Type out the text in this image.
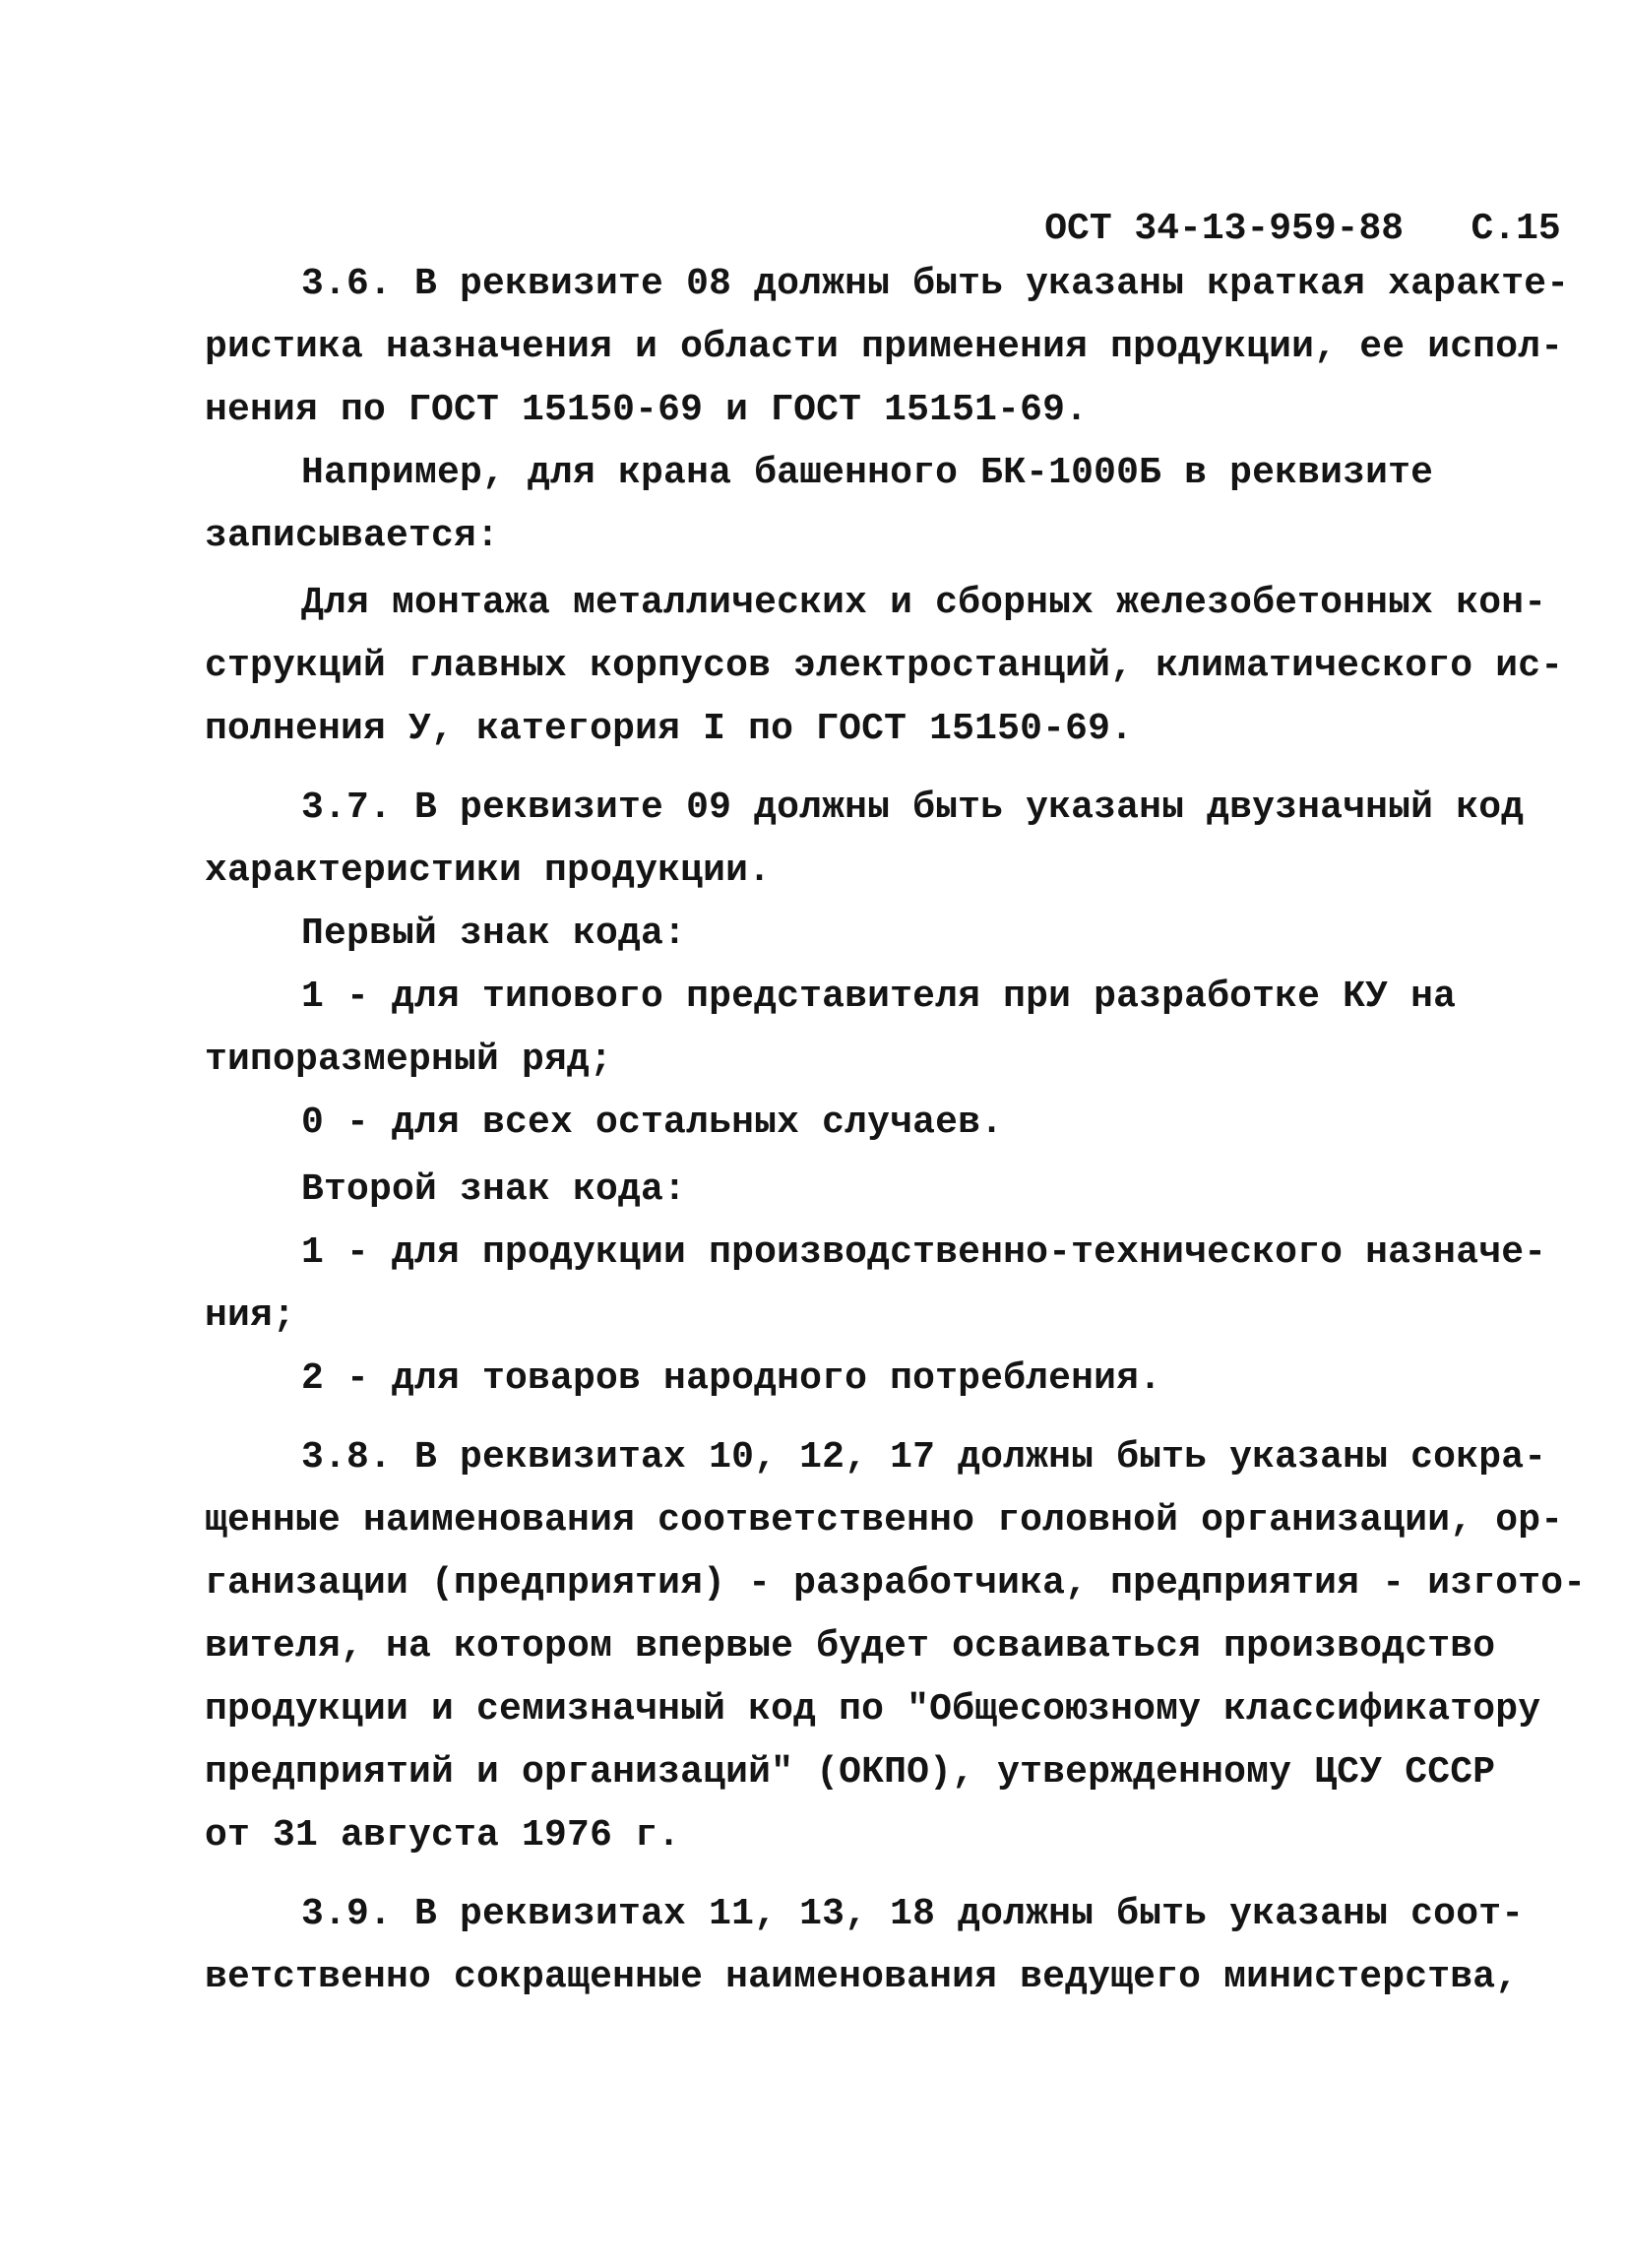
ОСТ 34-13-959-88 С.15

3.6. В реквизите 08 должны быть указаны краткая характе-

ристика назначения и области применения продукции, ее испол-

нения по ГОСТ 15150-69 и ГОСТ 15151-69.

Например, для крана башенного БК-1000Б в реквизите

записывается:

Для монтажа металлических и сборных железобетонных кон-

струкций главных корпусов электростанций, климатического ис-

полнения У, категория I по ГОСТ 15150-69.

3.7. В реквизите 09 должны быть указаны двузначный код

характеристики продукции.

Первый знак кода:

1 - для типового представителя при разработке КУ на

типоразмерный ряд;

0 - для всех остальных случаев.

Второй знак кода:

1 - для продукции производственно-технического назначе-

ния;

2 - для товаров народного потребления.

3.8. В реквизитах 10, 12, 17 должны быть указаны сокра-

щенные наименования соответственно головной организации, ор-

ганизации (предприятия) - разработчика, предприятия - изгото-

вителя, на котором впервые будет осваиваться производство

продукции и семизначный код по "Общесоюзному классификатору

предприятий и организаций" (ОКПО), утвержденному ЦСУ СССР

от 31 августа 1976 г.

3.9. В реквизитах 11, 13, 18 должны быть указаны соот-

ветственно сокращенные наименования ведущего министерства,
